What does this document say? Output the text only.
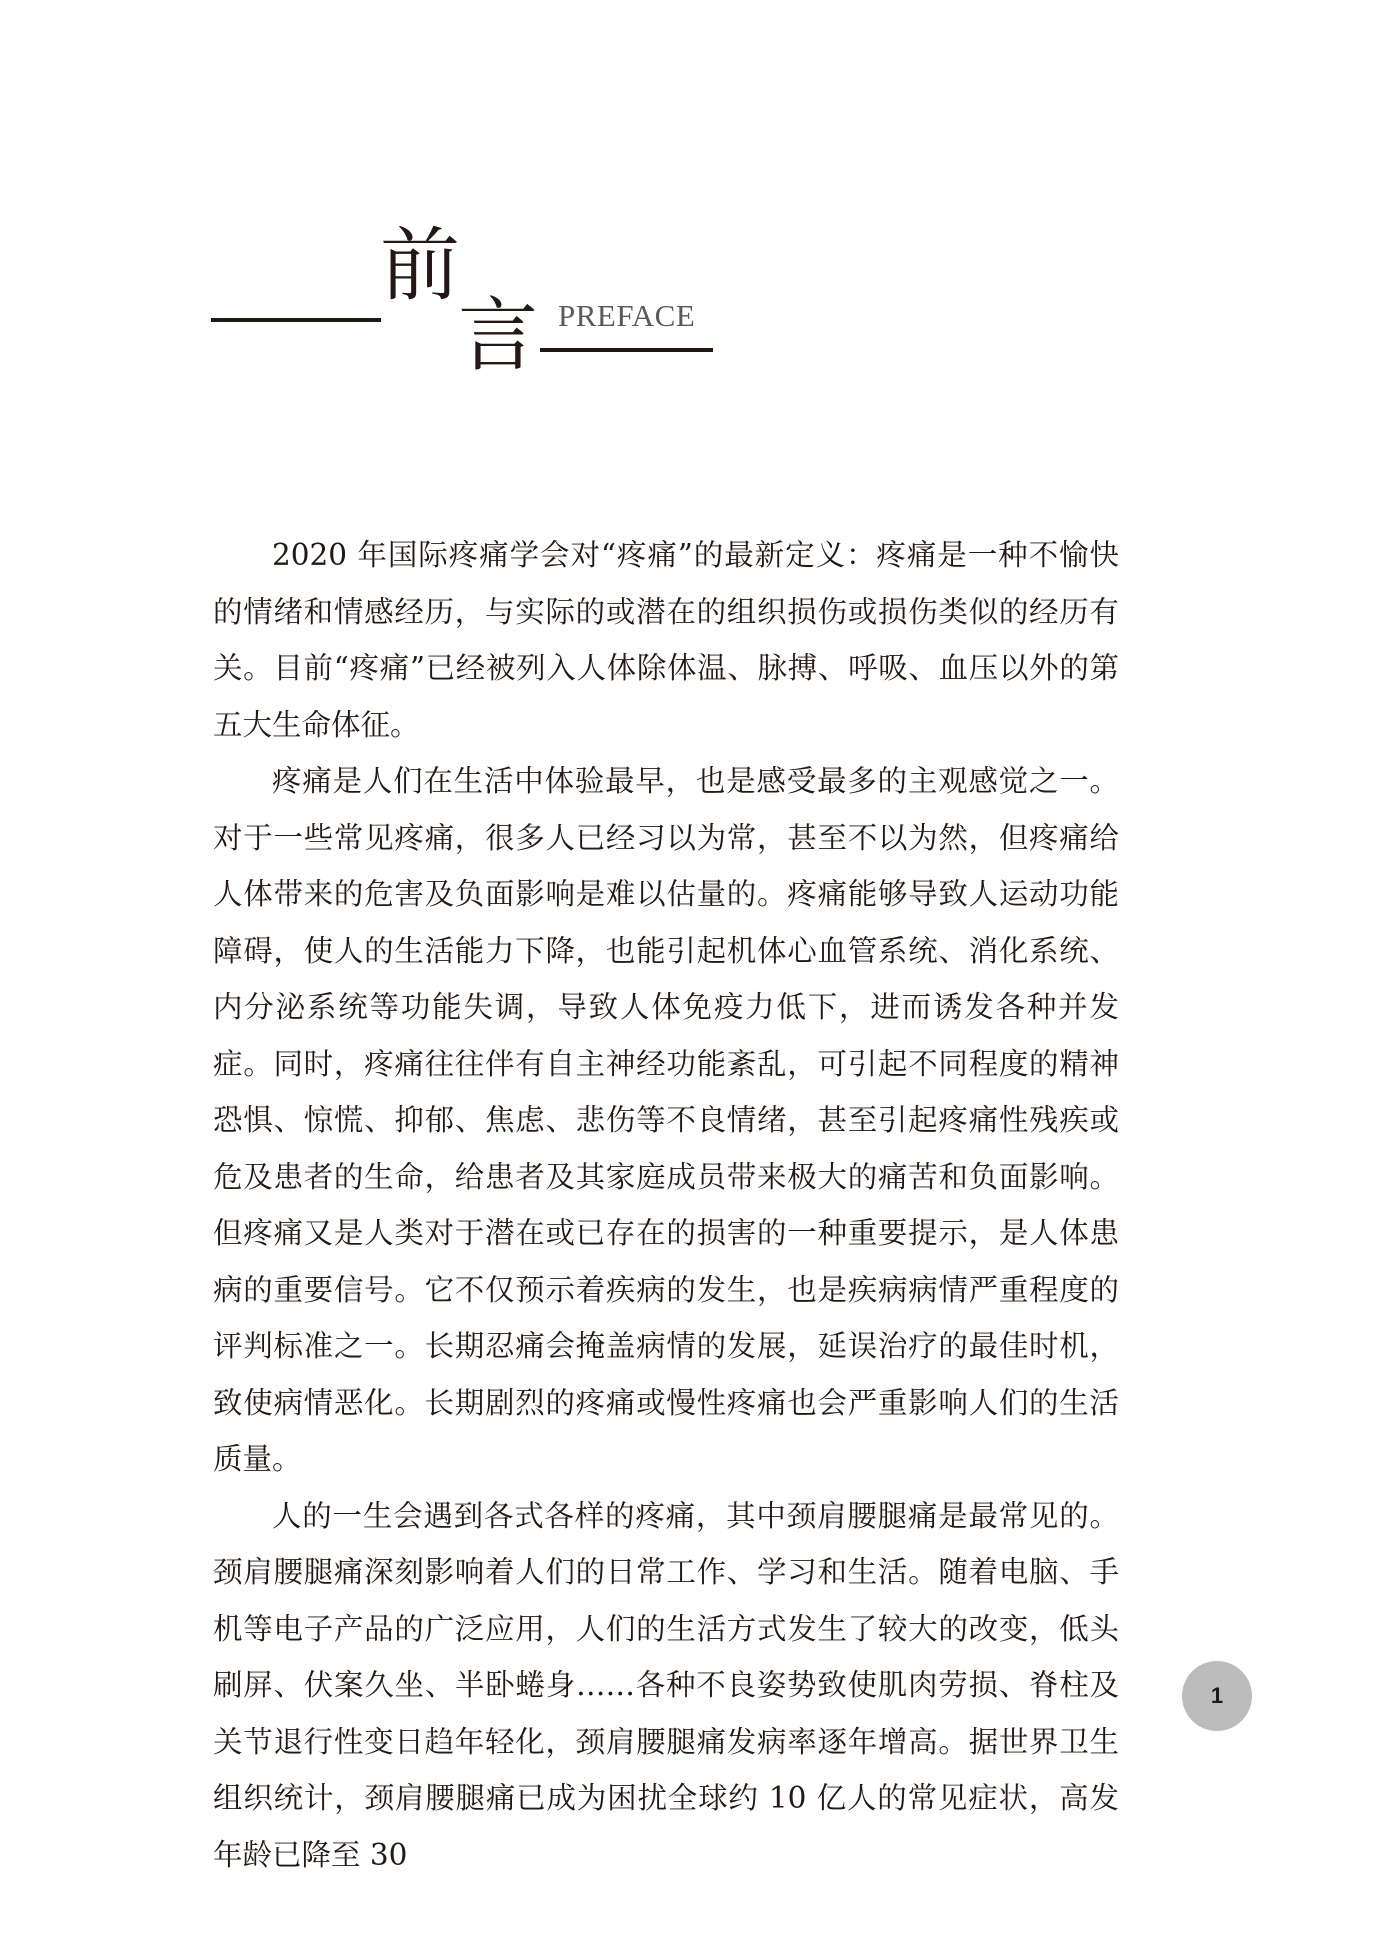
前
言 PREFACE

2020 年国际疼痛学会对“疼痛”的最新定义：疼痛是一种不愉快的情绪和情感经历，与实际的或潜在的组织损伤或损伤类似的经历有关。目前“疼痛”已经被列入人体除体温、脉搏、呼吸、血压以外的第五大生命体征。

疼痛是人们在生活中体验最早，也是感受最多的主观感觉之一。对于一些常见疼痛，很多人已经习以为常，甚至不以为然，但疼痛给人体带来的危害及负面影响是难以估量的。疼痛能够导致人运动功能障碍，使人的生活能力下降，也能引起机体心血管系统、消化系统、内分泌系统等功能失调，导致人体免疫力低下，进而诱发各种并发症。同时，疼痛往往伴有自主神经功能紊乱，可引起不同程度的精神恐惧、惊慌、抑郁、焦虑、悲伤等不良情绪，甚至引起疼痛性残疾或危及患者的生命，给患者及其家庭成员带来极大的痛苦和负面影响。但疼痛又是人类对于潜在或已存在的损害的一种重要提示，是人体患病的重要信号。它不仅预示着疾病的发生，也是疾病病情严重程度的评判标准之一。长期忍痛会掩盖病情的发展，延误治疗的最佳时机，致使病情恶化。长期剧烈的疼痛或慢性疼痛也会严重影响人们的生活质量。

人的一生会遇到各式各样的疼痛，其中颈肩腰腿痛是最常见的。颈肩腰腿痛深刻影响着人们的日常工作、学习和生活。随着电脑、手机等电子产品的广泛应用，人们的生活方式发生了较大的改变，低头刷屏、伏案久坐、半卧蜷身……各种不良姿势致使肌肉劳损、脊柱及关节退行性变日趋年轻化，颈肩腰腿痛发病率逐年增高。据世界卫生组织统计，颈肩腰腿痛已成为困扰全球约 10 亿人的常见症状，高发年龄已降至 30

1
